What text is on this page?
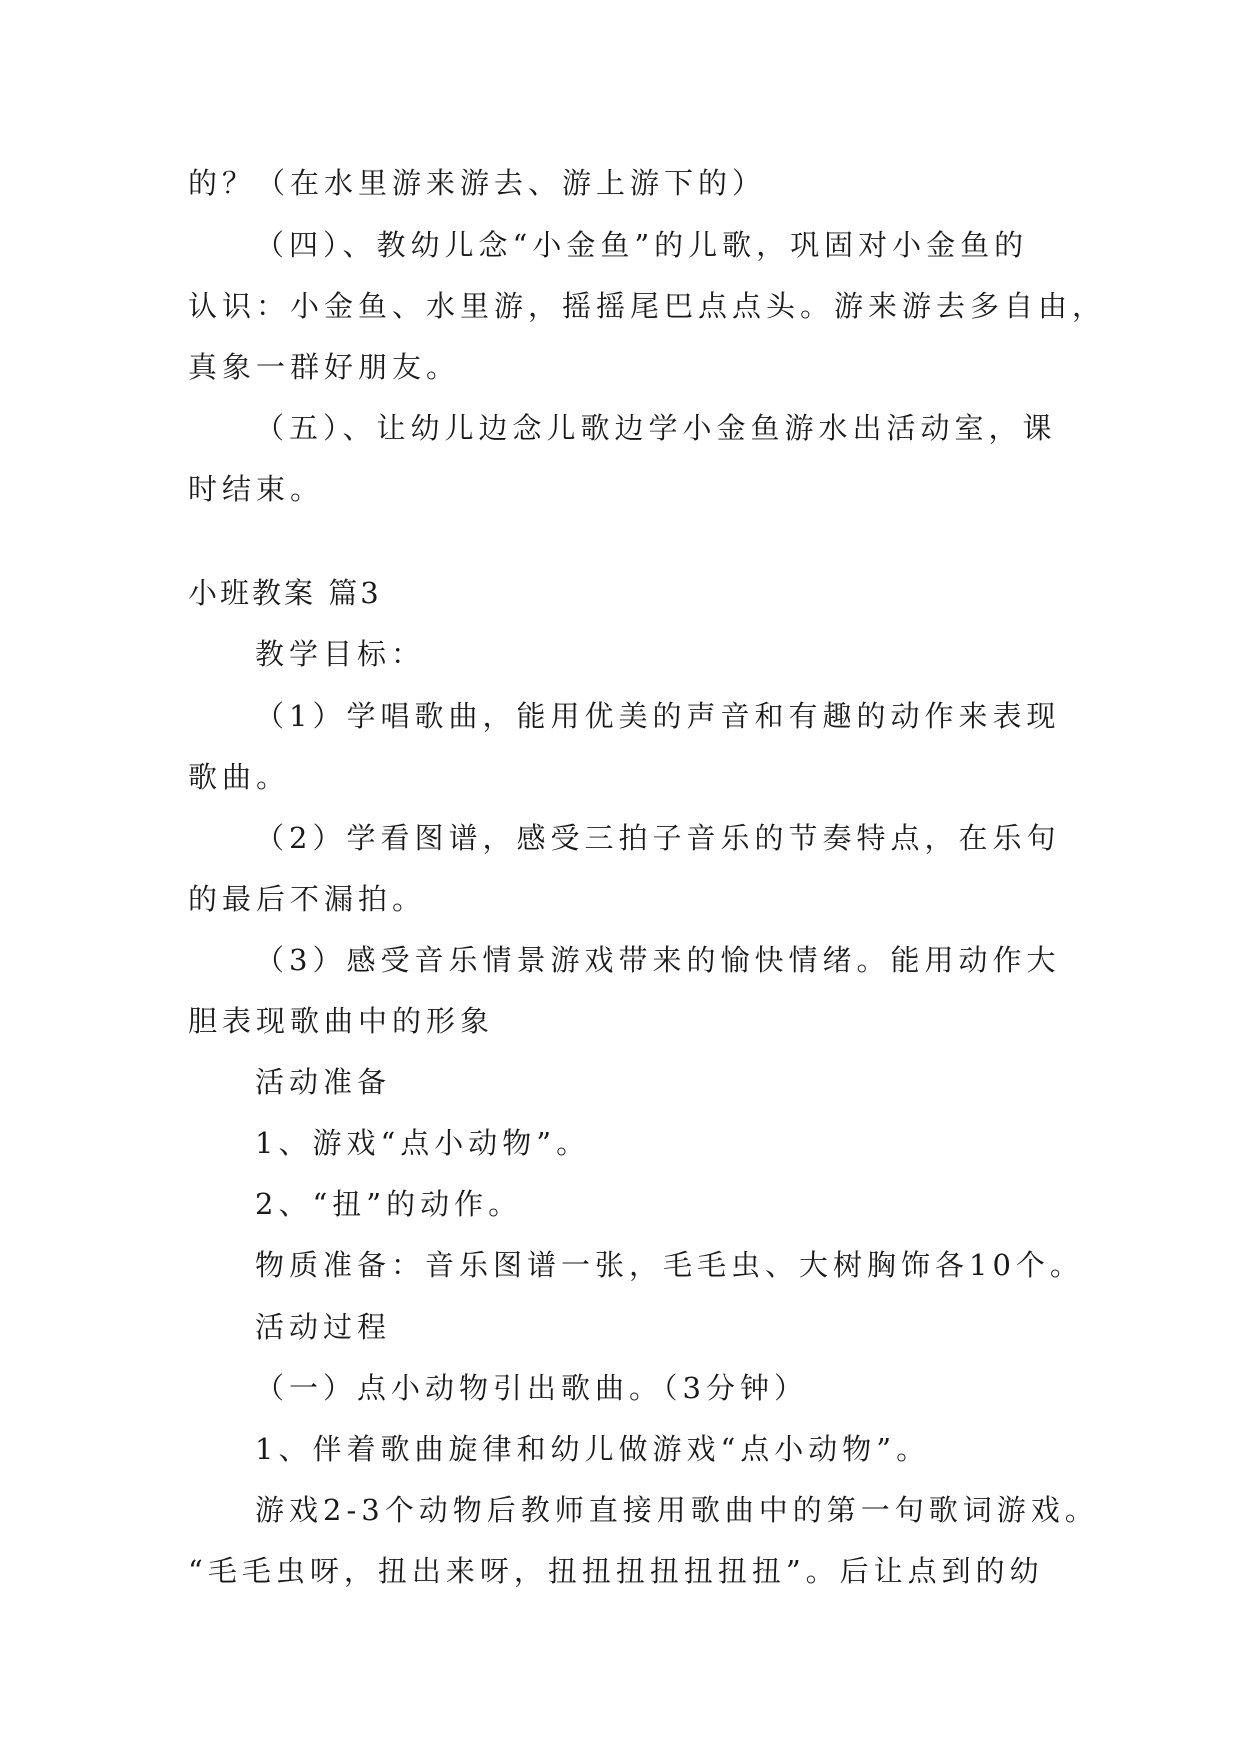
的？（在水里游来游去、游上游下的）
（四）、教幼儿念“小金鱼”的儿歌，巩固对小金鱼的
认识：小金鱼、水里游，摇摇尾巴点点头。游来游去多自由，
真象一群好朋友。
（五）、让幼儿边念儿歌边学小金鱼游水出活动室，课
时结束。
小班教案 篇3
教学目标：
（1）学唱歌曲，能用优美的声音和有趣的动作来表现
歌曲。
（2）学看图谱，感受三拍子音乐的节奏特点，在乐句
的最后不漏拍。
（3）感受音乐情景游戏带来的愉快情绪。能用动作大
胆表现歌曲中的形象
活动准备
1、游戏“点小动物”。
2、“扭”的动作。
物质准备：音乐图谱一张，毛毛虫、大树胸饰各10个。
活动过程
（一）点小动物引出歌曲。（3分钟）
1、伴着歌曲旋律和幼儿做游戏“点小动物”。
游戏2-3个动物后教师直接用歌曲中的第一句歌词游戏。
“毛毛虫呀，扭出来呀，扭扭扭扭扭扭扭”。后让点到的幼
